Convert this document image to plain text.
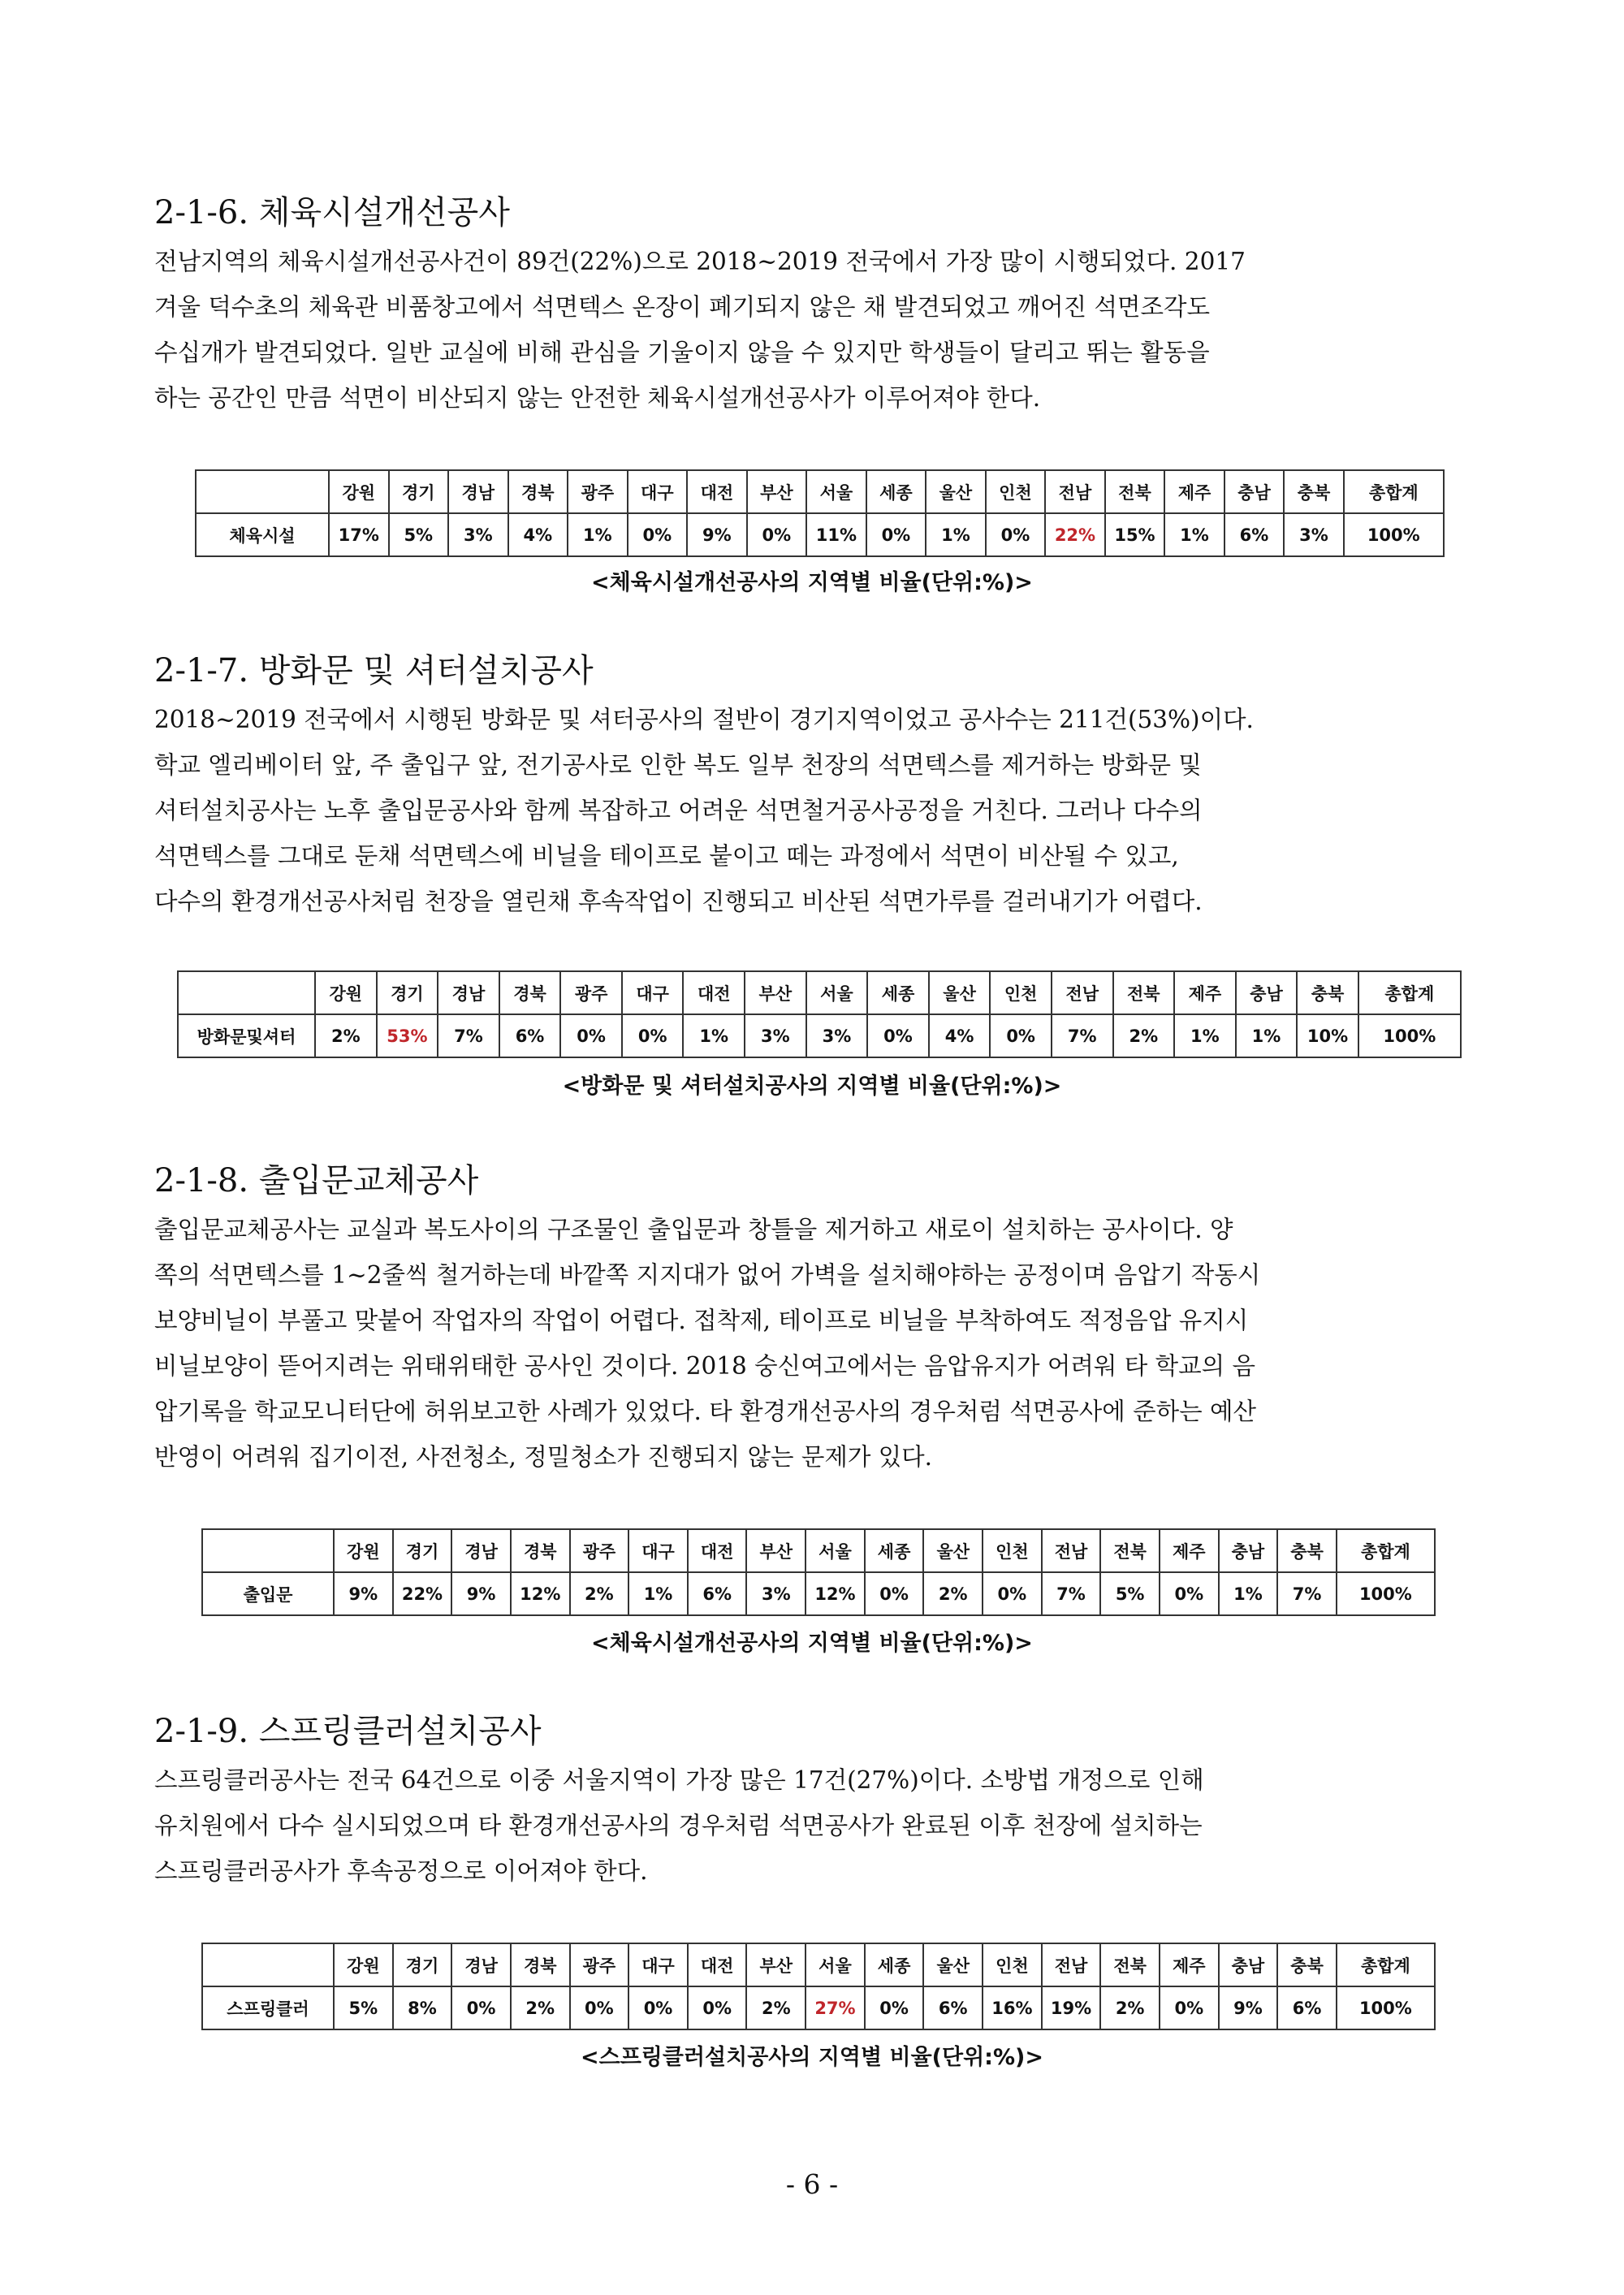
2-1-6. 체육시설개선공사
전남지역의 체육시설개선공사건이 89건(22%)으로 2018~2019 전국에서 가장 많이 시행되었다. 2017
겨울 덕수초의 체육관 비품창고에서 석면텍스 온장이 폐기되지 않은 채 발견되었고 깨어진 석면조각도
수십개가 발견되었다. 일반 교실에 비해 관심을 기울이지 않을 수 있지만 학생들이 달리고 뛰는 활동을
하는 공간인 만큼 석면이 비산되지 않는 안전한 체육시설개선공사가 이루어져야 한다.
	강원	경기	경남	경북	광주	대구	대전	부산	서울	세종	울산	인천	전남	전북	제주	충남	충북	총합계
체육시설	17%	5%	3%	4%	1%	0%	9%	0%	11%	0%	1%	0%	22%	15%	1%	6%	3%	100%
<체육시설개선공사의 지역별 비율(단위:%)>
2-1-7. 방화문 및 셔터설치공사
2018~2019 전국에서 시행된 방화문 및 셔터공사의 절반이 경기지역이었고 공사수는 211건(53%)이다.
학교 엘리베이터 앞, 주 출입구 앞, 전기공사로 인한 복도 일부 천장의 석면텍스를 제거하는 방화문 및
셔터설치공사는 노후 출입문공사와 함께 복잡하고 어려운 석면철거공사공정을 거친다. 그러나 다수의
석면텍스를 그대로 둔채 석면텍스에 비닐을 테이프로 붙이고 떼는 과정에서 석면이 비산될 수 있고,
다수의 환경개선공사처림 천장을 열린채 후속작업이 진행되고 비산된 석면가루를 걸러내기가 어렵다.
	강원	경기	경남	경북	광주	대구	대전	부산	서울	세종	울산	인천	전남	전북	제주	충남	충북	총합계
방화문및셔터	2%	53%	7%	6%	0%	0%	1%	3%	3%	0%	4%	0%	7%	2%	1%	1%	10%	100%
<방화문 및 셔터설치공사의 지역별 비율(단위:%)>
2-1-8. 출입문교체공사
출입문교체공사는 교실과 복도사이의 구조물인 출입문과 창틀을 제거하고 새로이 설치하는 공사이다. 양
쪽의 석면텍스를 1~2줄씩 철거하는데 바깥쪽 지지대가 없어 가벽을 설치해야하는 공정이며 음압기 작동시
보양비닐이 부풀고 맞붙어 작업자의 작업이 어렵다. 접착제, 테이프로 비닐을 부착하여도 적정음압 유지시
비닐보양이 뜯어지려는 위태위태한 공사인 것이다. 2018 숭신여고에서는 음압유지가 어려워 타 학교의 음
압기록을 학교모니터단에 허위보고한 사례가 있었다. 타 환경개선공사의 경우처럼 석면공사에 준하는 예산
반영이 어려워 집기이전, 사전청소, 정밀청소가 진행되지 않는 문제가 있다.
	강원	경기	경남	경북	광주	대구	대전	부산	서울	세종	울산	인천	전남	전북	제주	충남	충북	총합계
출입문	9%	22%	9%	12%	2%	1%	6%	3%	12%	0%	2%	0%	7%	5%	0%	1%	7%	100%
<체육시설개선공사의 지역별 비율(단위:%)>
2-1-9. 스프링클러설치공사
스프링클러공사는 전국 64건으로 이중 서울지역이 가장 많은 17건(27%)이다. 소방법 개정으로 인해
유치원에서 다수 실시되었으며 타 환경개선공사의 경우처럼 석면공사가 완료된 이후 천장에 설치하는
스프링클러공사가 후속공정으로 이어져야 한다.
	강원	경기	경남	경북	광주	대구	대전	부산	서울	세종	울산	인천	전남	전북	제주	충남	충북	총합계
스프링클러	5%	8%	0%	2%	0%	0%	0%	2%	27%	0%	6%	16%	19%	2%	0%	9%	6%	100%
<스프링클러설치공사의 지역별 비율(단위:%)>
- 6 -
